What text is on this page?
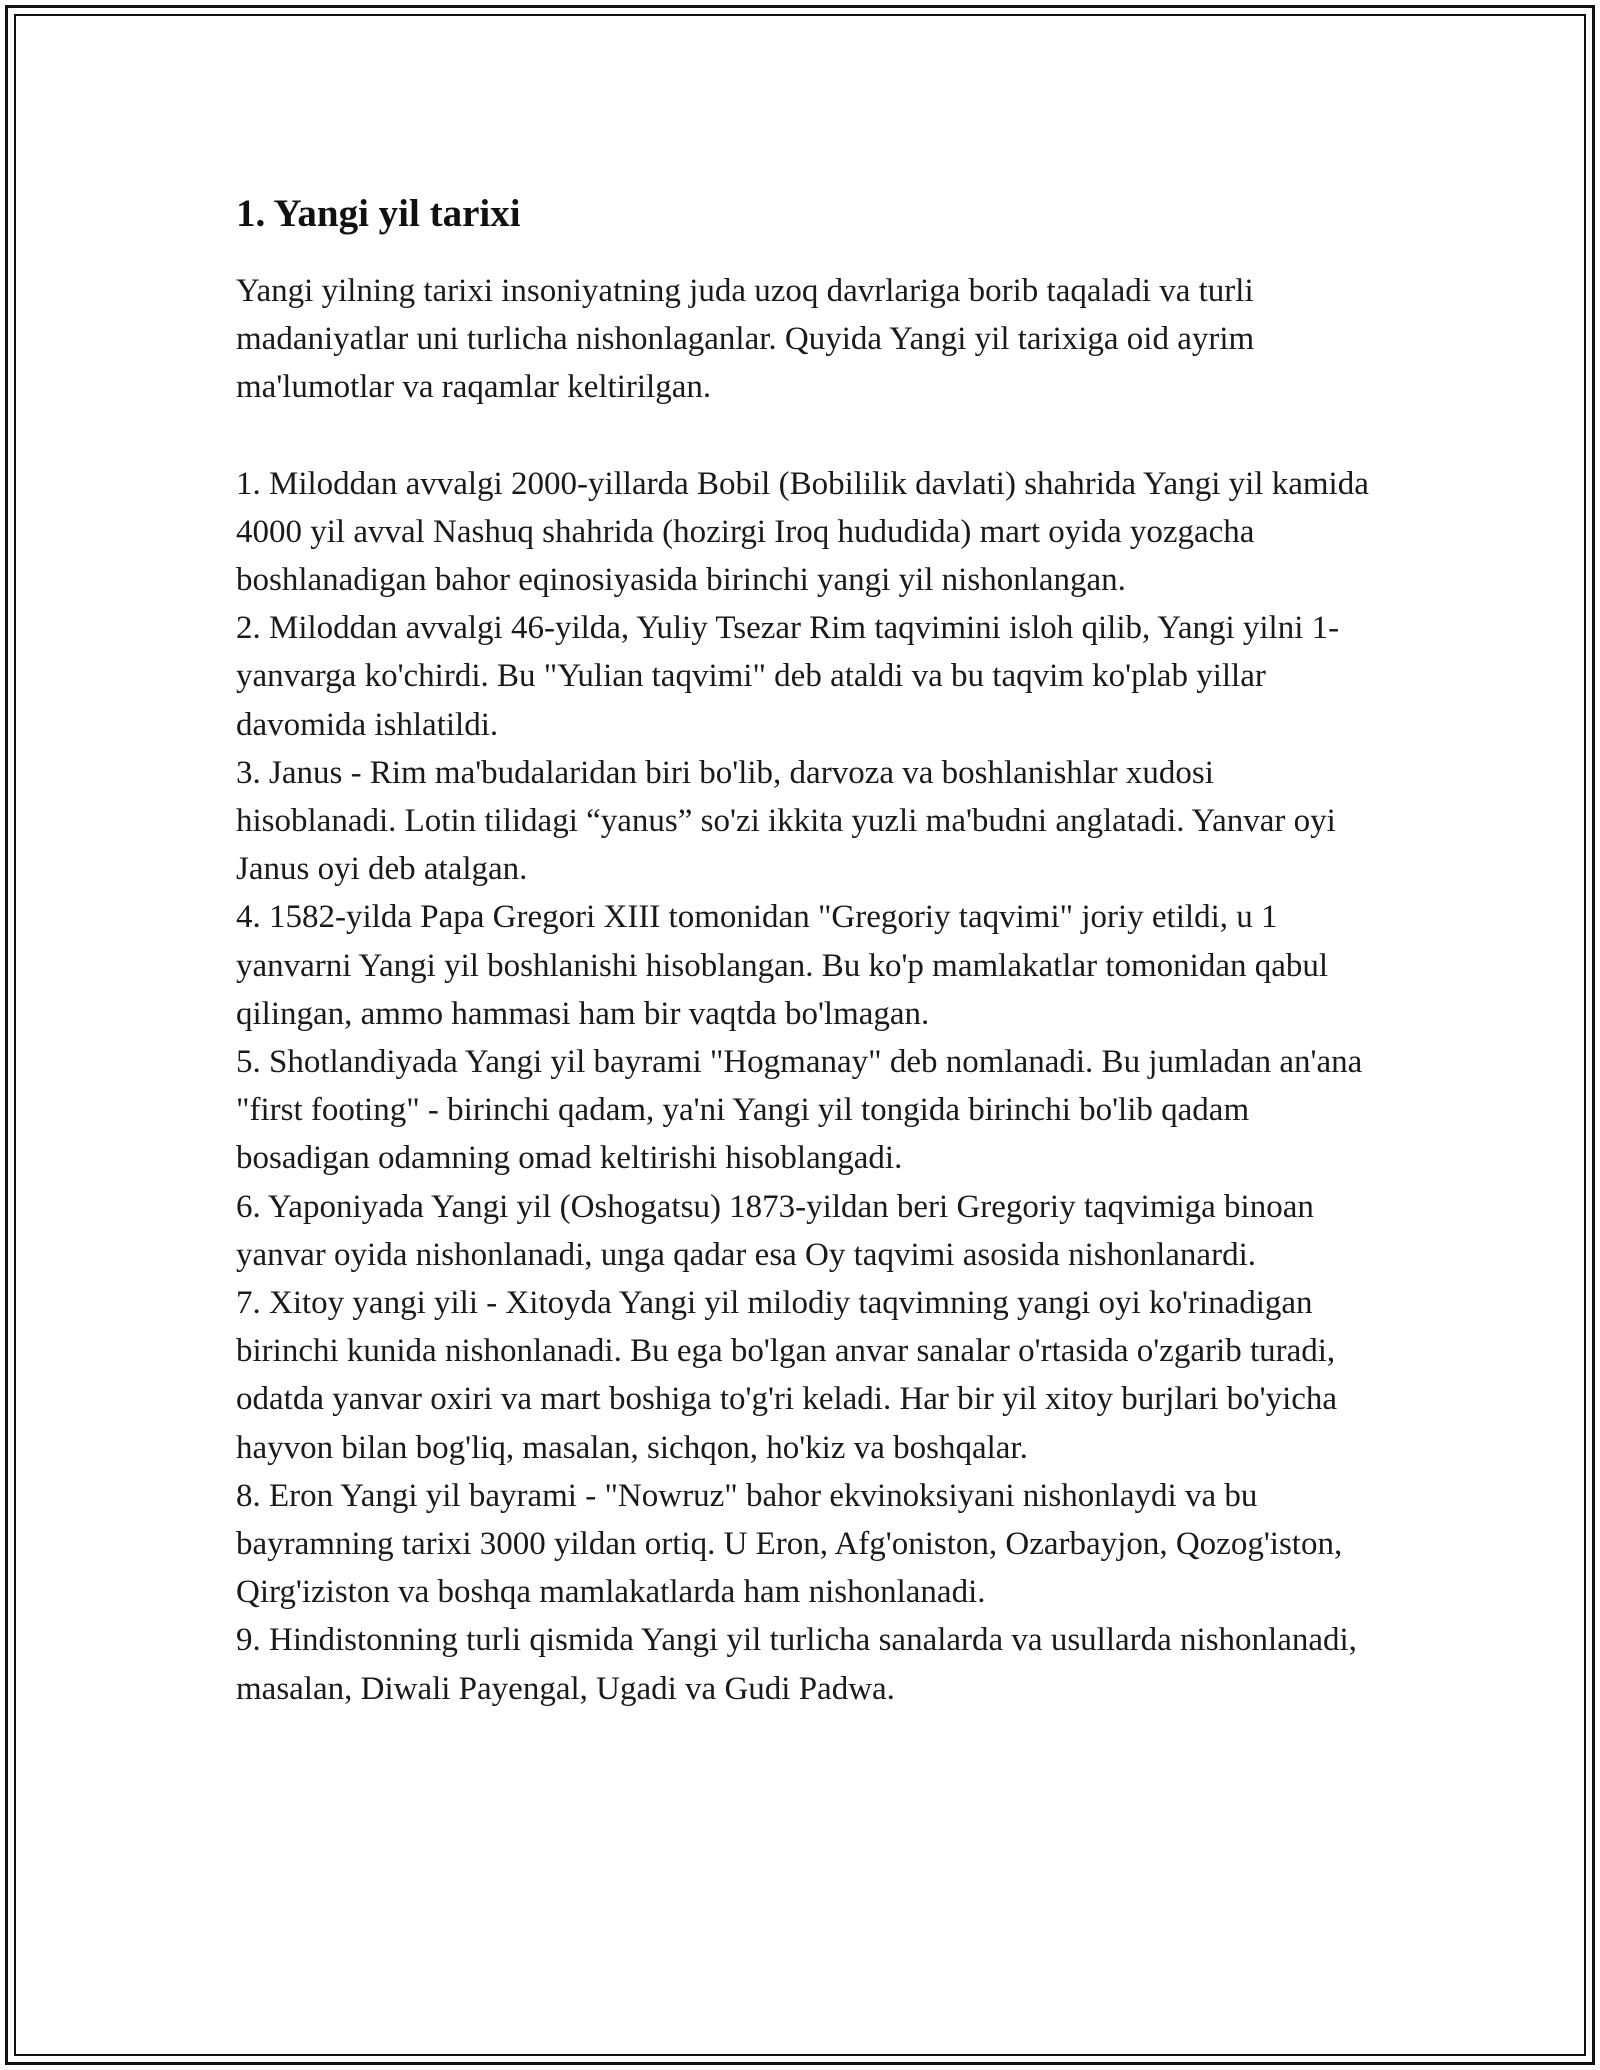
1. Yangi yil tarixi

Yangi yilning tarixi insoniyatning juda uzoq davrlariga borib taqaladi va turli madaniyatlar uni turlicha nishonlaganlar. Quyida Yangi yil tarixiga oid ayrim ma'lumotlar va raqamlar keltirilgan.

1. Miloddan avvalgi 2000-yillarda Bobil (Bobililik davlati) shahrida Yangi yil kamida 4000 yil avval Nashuq shahrida (hozirgi Iroq hududida) mart oyida yozgacha boshlanadigan bahor eqinosiyasida birinchi yangi yil nishonlangan.
2. Miloddan avvalgi 46-yilda, Yuliy Tsezar Rim taqvimini isloh qilib, Yangi yilni 1-yanvarga ko'chirdi. Bu "Yulian taqvimi" deb ataldi va bu taqvim ko'plab yillar davomida ishlatildi.
3. Janus - Rim ma'budalaridan biri bo'lib, darvoza va boshlanishlar xudosi hisoblanadi. Lotin tilidagi “yanus” so'zi ikkita yuzli ma'budni anglatadi. Yanvar oyi Janus oyi deb atalgan.
4. 1582-yilda Papa Gregori XIII tomonidan "Gregoriy taqvimi" joriy etildi, u 1 yanvarni Yangi yil boshlanishi hisoblangan. Bu ko'p mamlakatlar tomonidan qabul qilingan, ammo hammasi ham bir vaqtda bo'lmagan.
5. Shotlandiyada Yangi yil bayrami "Hogmanay" deb nomlanadi. Bu jumladan an'ana "first footing" - birinchi qadam, ya'ni Yangi yil tongida birinchi bo'lib qadam bosadigan odamning omad keltirishi hisoblangadi.
6. Yaponiyada Yangi yil (Oshogatsu) 1873-yildan beri Gregoriy taqvimiga binoan yanvar oyida nishonlanadi, unga qadar esa Oy taqvimi asosida nishonlanardi.
7. Xitoy yangi yili - Xitoyda Yangi yil milodiy taqvimning yangi oyi ko'rinadigan birinchi kunida nishonlanadi. Bu ega bo'lgan anvar sanalar o'rtasida o'zgarib turadi, odatda yanvar oxiri va mart boshiga to'g'ri keladi. Har bir yil xitoy burjlari bo'yicha hayvon bilan bog'liq, masalan, sichqon, ho'kiz va boshqalar.
8. Eron Yangi yil bayrami - "Nowruz" bahor ekvinoksiyani nishonlaydi va bu bayramning tarixi 3000 yildan ortiq. U Eron, Afg'oniston, Ozarbayjon, Qozog'iston, Qirg'iziston va boshqa mamlakatlarda ham nishonlanadi.
9. Hindistonning turli qismida Yangi yil turlicha sanalarda va usullarda nishonlanadi, masalan, Diwali Payengal, Ugadi va Gudi Padwa.
